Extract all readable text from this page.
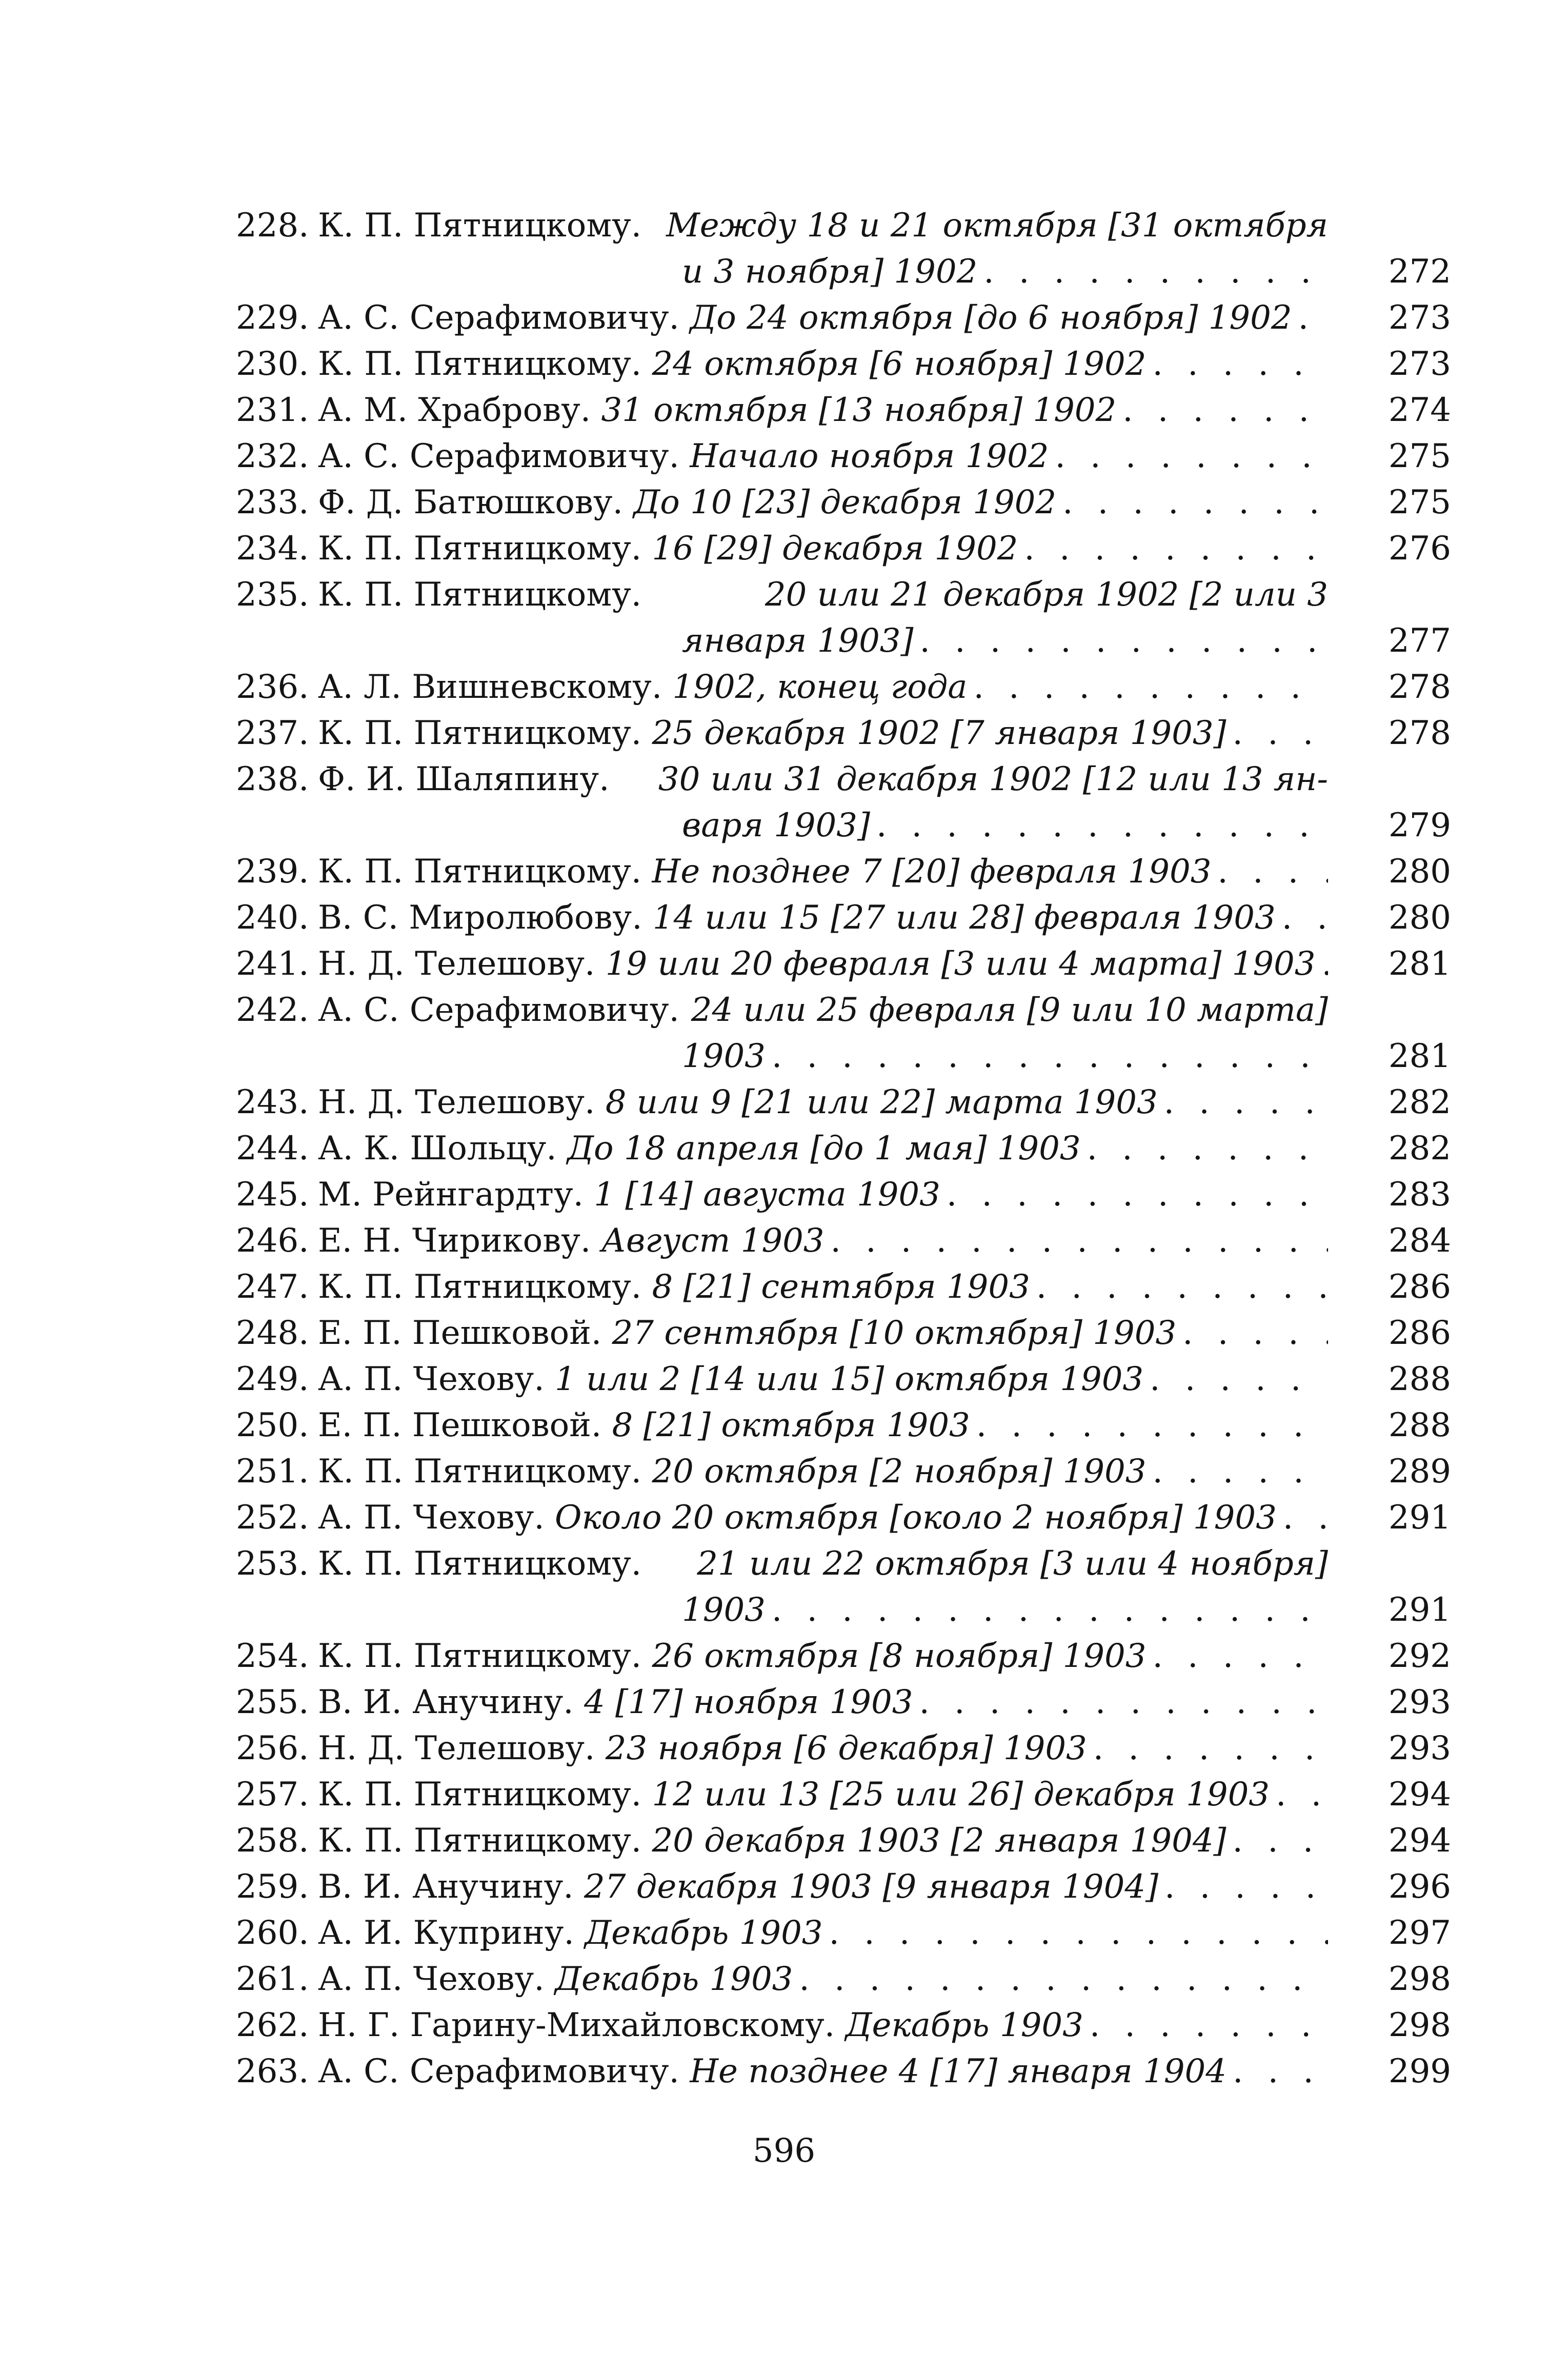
228. К. П. Пятницкому.
Между 18 и 21 октября [31 октября
и 3 ноября] 1902 . . .	272
229. А. С. Серафимовичу.
До 24 октября [до 6 ноября] 1902 . . .	273
230. К. П. Пятницкому.
24 октября [6 ноября] 1902 . . .	273
231. А. М. Храброву.
31 октября [13 ноября] 1902 . . .	274
232. А. С. Серафимовичу.
Начало ноября 1902 . . .	275
233. Ф. Д. Батюшкову.
До 10 [23] декабря 1902 . . .	275
234. К. П. Пятницкому.
16 [29] декабря 1902 . . .	276
235. К. П. Пятницкому.
	20 или 21 декабря 1902 [2 или 3
января 1903] . . .	277
236. А. Л. Вишневскому.
1902, конец года . . .	278
237. К. П. Пятницкому.
25 декабря 1902 [7 января 1903] . . .	278
238. Ф. И. Шаляпину.
30 или 31 декабря 1902 [12 или 13 ян-
варя 1903] . . .	279
239. К. П. Пятницкому.
Не позднее 7 [20] февраля 1903 . . .	280
240. В. С. Миролюбову.
14 или 15 [27 или 28] февраля 1903 . . .	280
241. Н. Д. Телешову.
19 или 20 февраля [3 или 4 марта] 1903 . . .	281
242. А. С. Серафимовичу.
24 или 25 февраля [9 или 10 марта]
1903 . . .	281
243. Н. Д. Телешову.
8 или 9 [21 или 22] марта 1903 . . .	282
244. А. К. Шольцу.
До 18 апреля [до 1 мая] 1903 . . .	282
245. М. Рейнгардту.
1 [14] августа 1903 . . .	283
246. Е. Н. Чирикову.
Август 1903 . . .	284
247. К. П. Пятницкому.
8 [21] сентября 1903 . . .	286
248. Е. П. Пешковой.
27 сентября [10 октября] 1903 . . .	286
249. А. П. Чехову.
1 или 2 [14 или 15] октября 1903 . . .	288
250. Е. П. Пешковой.
8 [21] октября 1903 . . .	288
251. К. П. Пятницкому.
20 октября [2 ноября] 1903 . . .	289
252. А. П. Чехову.
Около 20 октября [около 2 ноября] 1903 . . .	291
253. К. П. Пятницкому.
21 или 22 октября [3 или 4 ноября]
1903 . . .	291
254. К. П. Пятницкому.
26 октября [8 ноября] 1903 . . .	292
255. В. И. Анучину.
4 [17] ноября 1903 . . .	293
256. Н. Д. Телешову.
23 ноября [6 декабря] 1903 . . .	293
257. К. П. Пятницкому.
12 или 13 [25 или 26] декабря 1903 . . .	294
258. К. П. Пятницкому.
20 декабря 1903 [2 января 1904] . . .	294
259. В. И. Анучину.
27 декабря 1903 [9 января 1904] . . .	296
260. А. И. Куприну.
Декабрь 1903 . . .	297
261. А. П. Чехову.
Декабрь 1903 . . .	298
262. Н. Г. Гарину-Михайловскому.
Декабрь 1903 . . .	298
263. А. С. Серафимовичу.
Не позднее 4 [17] января 1904 . . .	299
596
